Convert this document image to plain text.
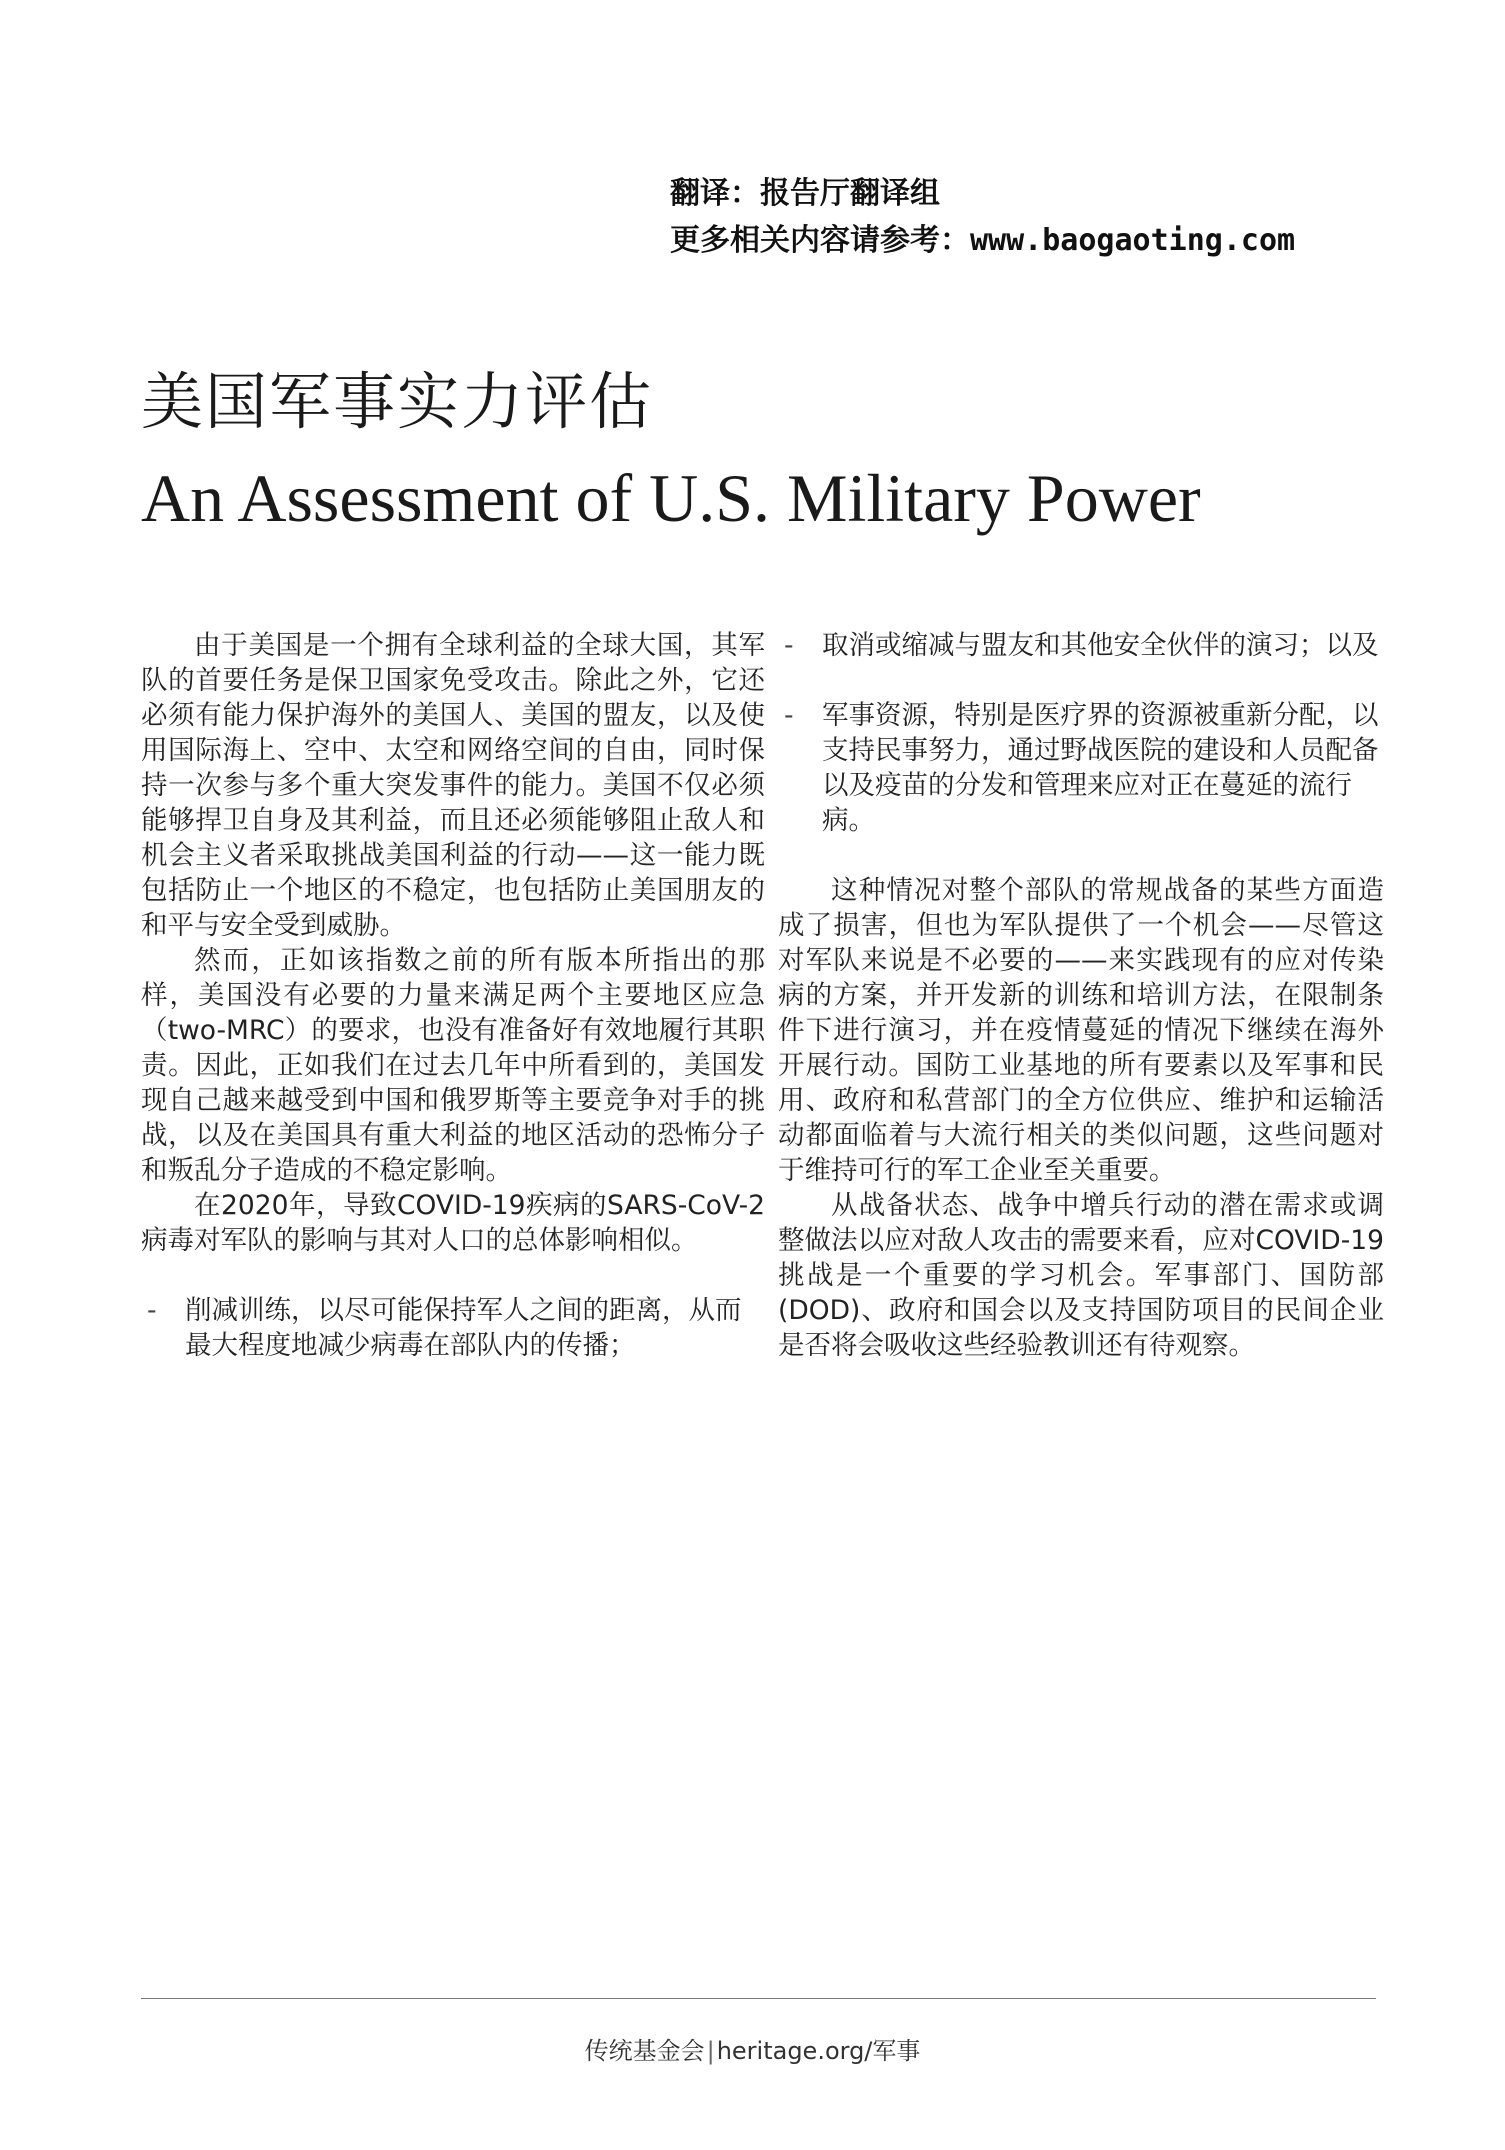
翻译：报告厅翻译组
更多相关内容请参考：www.baogaoting.com
美国军事实力评估
An Assessment of U.S. Military Power

由于美国是一个拥有全球利益的全球大国，其军队的首要任务是保卫国家免受攻击。除此之外，它还必须有能力保护海外的美国人、美国的盟友，以及使用国际海上、空中、太空和网络空间的自由，同时保持一次参与多个重大突发事件的能力。美国不仅必须能够捍卫自身及其利益，而且还必须能够阻止敌人和机会主义者采取挑战美国利益的行动——这一能力既包括防止一个地区的不稳定，也包括防止美国朋友的和平与安全受到威胁。

然而，正如该指数之前的所有版本所指出的那样，美国没有必要的力量来满足两个主要地区应急（two-MRC）的要求，也没有准备好有效地履行其职责。因此，正如我们在过去几年中所看到的，美国发现自己越来越受到中国和俄罗斯等主要竞争对手的挑战，以及在美国具有重大利益的地区活动的恐怖分子和叛乱分子造成的不稳定影响。

在2020年，导致COVID-19疾病的SARS-CoV-2病毒对军队的影响与其对人口的总体影响相似。

- 削减训练，以尽可能保持军人之间的距离，从而最大程度地减少病毒在部队内的传播；
- 取消或缩减与盟友和其他安全伙伴的演习；以及
- 军事资源，特别是医疗界的资源被重新分配，以支持民事努力，通过野战医院的建设和人员配备以及疫苗的分发和管理来应对正在蔓延的流行病。

这种情况对整个部队的常规战备的某些方面造成了损害，但也为军队提供了一个机会——尽管这对军队来说是不必要的——来实践现有的应对传染病的方案，并开发新的训练和培训方法，在限制条件下进行演习，并在疫情蔓延的情况下继续在海外开展行动。国防工业基地的所有要素以及军事和民用、政府和私营部门的全方位供应、维护和运输活动都面临着与大流行相关的类似问题，这些问题对于维持可行的军工企业至关重要。

从战备状态、战争中增兵行动的潜在需求或调整做法以应对敌人攻击的需要来看，应对COVID-19挑战是一个重要的学习机会。军事部门、国防部(DOD)、政府和国会以及支持国防项目的民间企业是否将会吸收这些经验教训还有待观察。

传统基金会|heritage.org/军事
